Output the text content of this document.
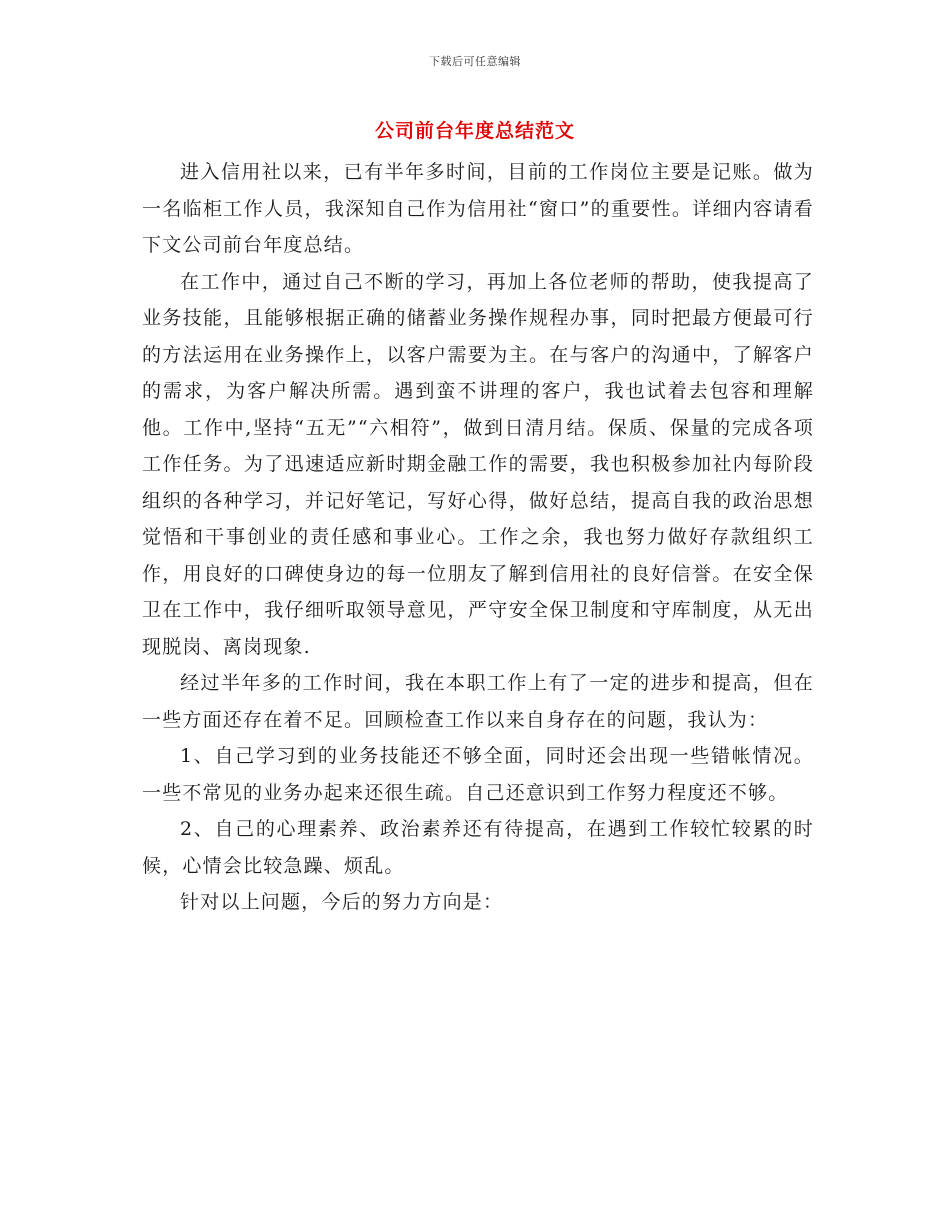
下载后可任意编辑
公司前台年度总结范文

进入信用社以来，已有半年多时间，目前的工作岗位主要是记账。做为一名临柜工作人员，我深知自己作为信用社“窗口”的重要性。详细内容请看下文公司前台年度总结。

在工作中，通过自己不断的学习，再加上各位老师的帮助，使我提高了业务技能，且能够根据正确的储蓄业务操作规程办事，同时把最方便最可行的方法运用在业务操作上，以客户需要为主。在与客户的沟通中，了解客户的需求，为客户解决所需。遇到蛮不讲理的客户，我也试着去包容和理解他。工作中,坚持“五无”“六相符”，做到日清月结。保质、保量的完成各项工作任务。为了迅速适应新时期金融工作的需要，我也积极参加社内每阶段组织的各种学习，并记好笔记，写好心得，做好总结，提高自我的政治思想觉悟和干事创业的责任感和事业心。工作之余，我也努力做好存款组织工作，用良好的口碑使身边的每一位朋友了解到信用社的良好信誉。在安全保卫在工作中，我仔细听取领导意见，严守安全保卫制度和守库制度，从无出现脱岗、离岗现象.

经过半年多的工作时间，我在本职工作上有了一定的进步和提高，但在一些方面还存在着不足。回顾检查工作以来自身存在的问题，我认为：

1、自己学习到的业务技能还不够全面，同时还会出现一些错帐情况。一些不常见的业务办起来还很生疏。自己还意识到工作努力程度还不够。

2、自己的心理素养、政治素养还有待提高，在遇到工作较忙较累的时候，心情会比较急躁、烦乱。

针对以上问题，今后的努力方向是：
